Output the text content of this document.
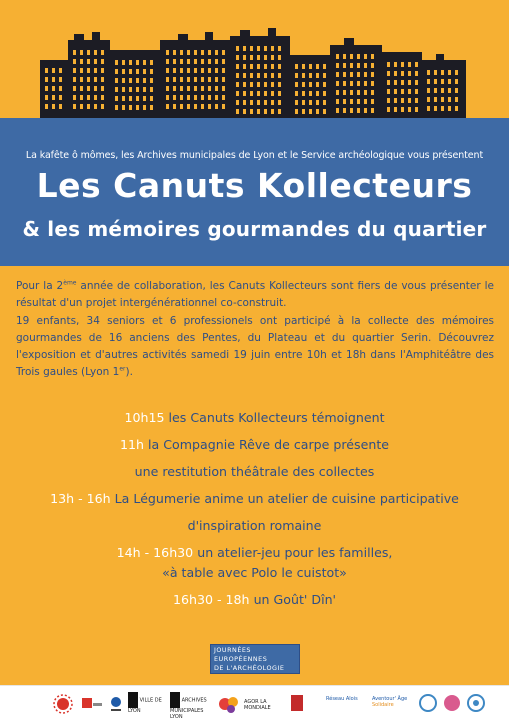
La kafête ô mômes, les Archives municipales de Lyon et le Service archéologique vous présentent
Les Canuts Kollecteurs
& les mémoires gourmandes du quartier

Pour la 2ème année de collaboration, les Canuts Kollecteurs sont fiers de vous présenter le résultat d'un projet intergénérationnel co-construit.

19 enfants, 34 seniors et 6 professionels ont participé à la collecte des mémoires gourmandes de 16 anciens des Pentes, du Plateau et du quartier Serin. Découvrez l'exposition et d'autres activités samedi 19 juin entre 10h et 18h dans l'Amphitéâtre des Trois gaules (Lyon 1er).

10h15 les Canuts Kollecteurs témoignent
11h la Compagnie Rêve de carpe présente
une restitution théâtrale des collectes
13h - 16h La Légumerie anime un atelier de cuisine participative
d'inspiration romaine
14h - 16h30 un atelier-jeu pour les familles,
«à table avec Polo le cuistot»
16h30 - 18h un Goût' Dîn'
JOURNÉES
EUROPÉENNES
DE L'ARCHÉOLOGIE
VILLE DE LYON
ARCHIVES MUNICIPALES LYON
AGOR LA MONDIALE
Réseau Alois	Aventour' Âge
Solidaire
